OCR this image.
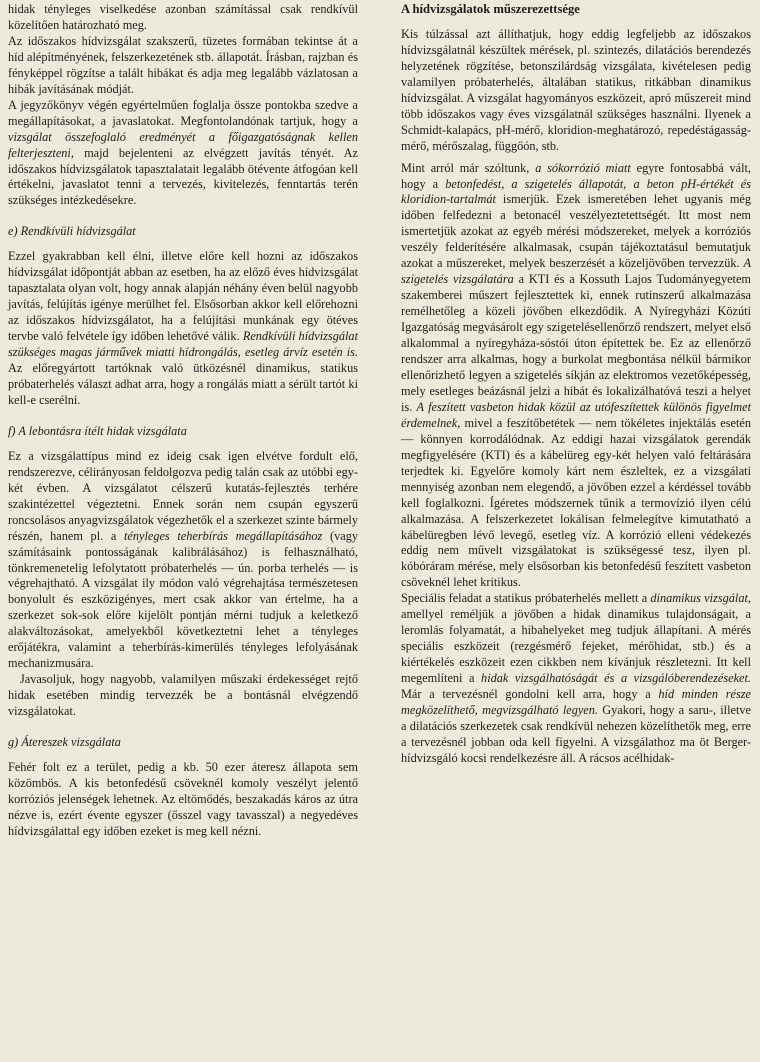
hidak tényleges viselkedése azonban számítással csak rendkívül közelítően határozható meg.

Az időszakos hídvizsgálat szakszerű, tüzetes formában tekintse át a híd alépítményének, felszerkezetének stb. állapotát. Írásban, rajzban és fényképpel rögzítse a talált hibákat és adja meg legalább vázlatosan a hibák javításának módját.

A jegyzőkönyv végén egyértelműen foglalja össze pontokba szedve a megállapításokat, a javaslatokat. Megfontolandónak tartjuk, hogy a vizsgálat összefoglaló eredményét a főigazgatóságnak kellen felterjeszteni, majd bejelenteni az elvégzett javítás tényét. Az időszakos hídvizsgálatok tapasztalatait legalább ötévente átfogóan kell értékelni, javaslatot tenni a tervezés, kivitelezés, fenntartás terén szükséges intézkedésekre.

e) Rendkívüli hídvizsgálat

Ezzel gyakrabban kell élni, illetve előre kell hozni az időszakos hídvizsgálat időpontját abban az esetben, ha az előző éves hídvizsgálat tapasztalata olyan volt, hogy annak alapján néhány éven belül nagyobb javítás, felújítás igénye merülhet fel. Elsősorban akkor kell előrehozni az időszakos hídvizsgálatot, ha a felújítási munkának egy ötéves tervbe való felvétele így időben lehetővé válik. Rendkívüli hídvizsgálat szükséges magas járművek miatti hídrongálás, esetleg árvíz esetén is. Az előregyártott tartóknak való ütközésnél dinamikus, statikus próbaterhelés választ adhat arra, hogy a rongálás miatt a sérült tartót ki kell-e cserélni.

f) A lebontásra ítélt hidak vizsgálata

Ez a vizsgálattípus mind ez ideig csak igen elvétve fordult elő, rendszerezve, célirányosan feldolgozva pedig talán csak az utóbbi egy-két évben. A vizsgálatot célszerű kutatás-fejlesztés terhére szakintézettel végeztetni. Ennek során nem csupán egyszerű roncsolásos anyagvizsgálatok végezhetők el a szerkezet szinte bármely részén, hanem pl. a tényleges teherbírás megállapításához (vagy számításaink pontosságának kalibrálásához) is felhasználható, tönkremenetelig lefolytatott próbaterhelés — ún. porba terhelés — is végrehajtható. A vizsgálat ily módon való végrehajtása természetesen bonyolult és eszközigényes, mert csak akkor van értelme, ha a szerkezet sok-sok előre kijelölt pontján mérni tudjuk a keletkező alakváltozásokat, amelyekből következtetni lehet a tényleges erőjátékra, valamint a teherbírás-kimerülés tényleges lefolyásának mechanizmusára.

Javasoljuk, hogy nagyobb, valamilyen műszaki érdekességet rejtő hidak esetében mindig tervezzék be a bontásnál elvégzendő vizsgálatokat.

g) Átereszek vizsgálata

Fehér folt ez a terület, pedig a kb. 50 ezer áteresz állapota sem közömbös. A kis betonfedésű csöveknél komoly veszélyt jelentő korróziós jelenségek lehetnek. Az eltömődés, beszakadás káros az útra nézve is, ezért évente egyszer (ősszel vagy tavasszal) a negyedéves hídvizsgálattal egy időben ezeket is meg kell nézni.

A hídvizsgálatok műszerezettsége

Kis túlzással azt állíthatjuk, hogy eddig legfeljebb az időszakos hídvizsgálatnál készültek mérések, pl. szintezés, dilatációs berendezés helyzetének rögzítése, betonszilárdság vizsgálata, kivételesen pedig valamilyen próbaterhelés, általában statikus, ritkábban dinamikus hídvizsgálat. A vizsgálat hagyományos eszközeit, apró műszereit mind több időszakos vagy éves vizsgálatnál szükséges használni. Ilyenek a Schmidt-kalapács, pH-mérő, kloridion-meghatározó, repedéstágasság-mérő, mérőszalag, függőón, stb.

Mint arról már szóltunk, a sókorrózió miatt egyre fontosabbá vált, hogy a betonfedést, a szigetelés állapotát, a beton pH-értékét és kloridion-tartalmát ismerjük. Ezek ismeretében lehet ugyanis még időben felfedezni a betonacél veszélyeztetettségét. Itt most nem ismertetjük azokat az egyéb mérési módszereket, melyek a korróziós veszély felderítésére alkalmasak, csupán tájékoztatásul bemutatjuk azokat a műszereket, melyek beszerzését a közeljövőben tervezzük. A szigetelés vizsgálatára a KTI és a Kossuth Lajos Tudományegyetem szakemberei műszert fejlesztettek ki, ennek rutinszerű alkalmazása remélhetőleg a közeli jövőben elkezdődik. A Nyíregyházi Közúti Igazgatóság megvásárolt egy szigetelésellenőrző rendszert, melyet első alkalommal a nyíregyháza-sóstói úton építettek be. Ez az ellenőrző rendszer arra alkalmas, hogy a burkolat megbontása nélkül bármikor ellenőrizhető legyen a szigetelés síkján az elektromos vezetőképesség, mely esetleges beázásnál jelzi a hibát és lokalizálhatóvá teszi a helyet is. A feszített vasbeton hidak közül az utófeszítettek különös figyelmet érdemelnek, mivel a feszítőbetétek — nem tökéletes injektálás esetén — könnyen korrodálódnak. Az eddigi hazai vizsgálatok gerendák megfigyelésére (KTI) és a kábelüreg egy-két helyen való feltárására terjedtek ki. Egyelőre komoly kárt nem észleltek, ez a vizsgálati mennyiség azonban nem elegendő, a jövőben ezzel a kérdéssel tovább kell foglalkozni. Ígéretes módszernek tűnik a termovízió ilyen célú alkalmazása. A felszerkezetet lokálisan felmelegítve kimutatható a kábelüregben lévő levegő, esetleg víz. A korrózió elleni védekezés eddig nem művelt vizsgálatokat is szükségessé tesz, ilyen pl. kóbóráram mérése, mely elsősorban kis betonfedésű feszített vasbeton csöveknél lehet kritikus.

Speciális feladat a statikus próbaterhelés mellett a dinamikus vizsgálat, amellyel reméljük a jövőben a hidak dinamikus tulajdonságait, a leromlás folyamatát, a hibahelyeket meg tudjuk állapítani. A mérés speciális eszközeit (rezgésmérő fejeket, mérőhidat, stb.) és a kiértékelés eszközeit ezen cikkben nem kívánjuk részletezni. Itt kell megemlíteni a hidak vizsgálhatóságát és a vizsgálóberendezéseket. Már a tervezésnél gondolni kell arra, hogy a híd minden része megközelíthető, megvizsgálható legyen. Gyakori, hogy a saru-, illetve a dilatációs szerkezetek csak rendkívül nehezen közelíthetők meg, erre a tervezésnél jobban oda kell figyelni. A vizsgálathoz ma öt Berger-hídvizsgáló kocsi rendelkezésre áll. A rácsos acélhidak-
